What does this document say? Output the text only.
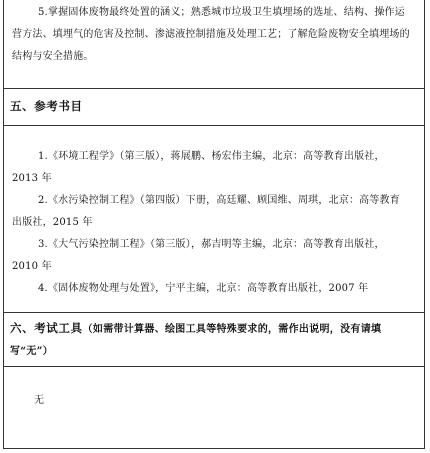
5.掌握固体废物最终处置的涵义；熟悉城市垃圾卫生填埋场的选址、结构、操作运营方法、填埋气的危害及控制、渗滤液控制措施及处理工艺；了解危险废物安全填埋场的结构与安全措施。

五、参考书目

1.《环境工程学》（第三版），蒋展鹏、杨宏伟主编，北京：高等教育出版社，2013 年

2.《水污染控制工程》（第四版）下册，高廷耀、顾国维、周琪，北京：高等教育出版社，2015 年

3.《大气污染控制工程》（第三版），郝吉明等主编，北京：高等教育出版社，2010 年

4.《固体废物处理与处置》，宁平主编，北京：高等教育出版社，2007 年

六、考试工具（如需带计算器、绘图工具等特殊要求的，需作出说明，没有请填写“无”）
无
